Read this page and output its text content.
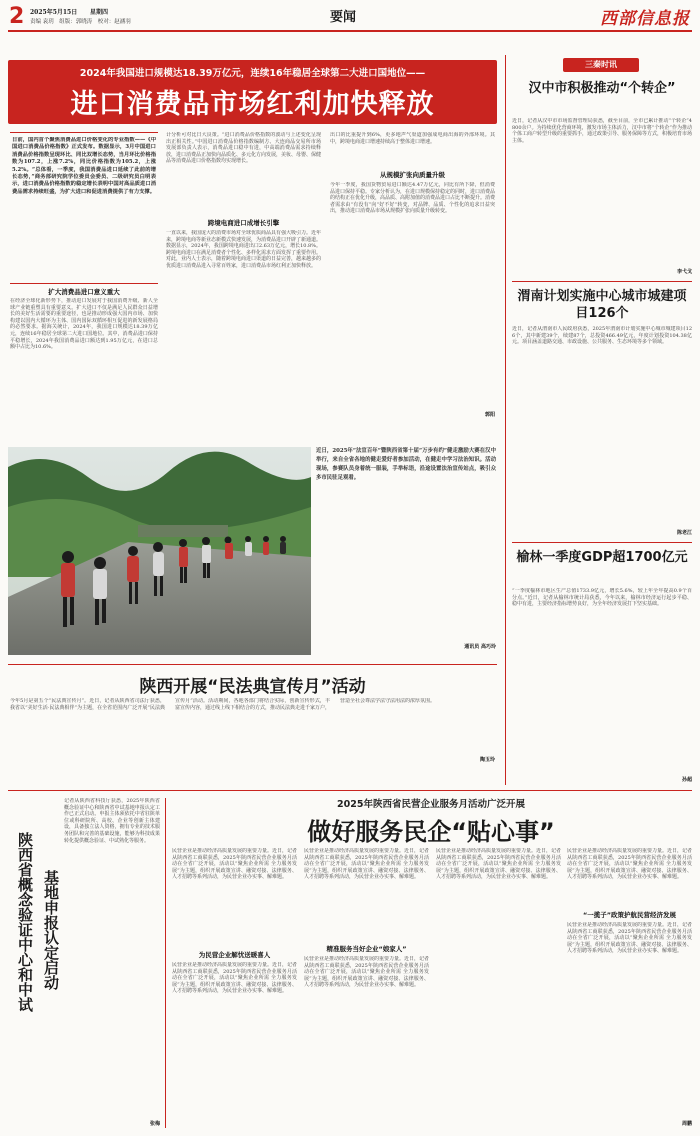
2 2025年5月15日 星期四
责编 袁玥　组版：郭晓涛　校对：赵涵羽	要闻	西部信息报
2024年我国进口规模达18.39万亿元，连续16年稳居全球第二大进口国地位——
进口消费品市场红利加快释放
日前，国内首个聚焦消费品进口价格变化的专业指数——《中国进口消费品价格指数》正式发布。数据显示，3月中国进口消费品价格指数呈现环比、同比双增长态势，当月环比价格指数为107.2，上涨7.2%，同比价格指数为105.2，上涨5.2%。“总体看，一季度，我国消费品进口延续了此前的增长态势，”商务部研究院学位委员会委员、二级研究员白明表示，进口消费品价格指数的稳定增长表明中国对高品质进口消费品需求持续旺盛，为扩大进口和促进消费提供了有力支撑。
扩大消费品进口意义重大
在经济全球化新形势下，推动进口发展对于我国消费升级、新人全球产业链重塑具有重要意义。扩大进口不仅是满足人民群众日益增长的美好生活需要的重要途径，也是推动形成强大国内市场、加快构建以国内大循环为主体、国内国际双循环相互促进的新发展格局的必然要求。据海关统计，2024年，我国进口规模达18.39万亿元，连续16年稳居全球第二大进口国地位。其中，消费品进口保持平稳增长，2024年我国消费品进口额达到1.95万亿元，在进口总额中占比为10.6%。
计分析可对比日大良策。“进口消费品价格指数的波动与上述变化呈现出正相关性。”中国进口消费品价格指数编制方、大连商品交易所市场发展部负责人表示，消费品进口稳中有进，中高端消费品需求持续释放，进口消费品正加快向品质化、多元化方向发展，美妆、母婴、保健品等消费品进口价格指数均实现增长。
跨境电商进口成增长引擎
一直以来，我国庞大的消费市场对全球优质商品具有强大吸引力。近年来，跨境电商等新业态新模式快速发展，为消费品进口开辟了新通道。数据显示，2024年，我国跨境电商进出口2.63万亿元，增长10.8%。跨境电商进口在满足消费者个性化、多样化需求方面发挥了重要作用。对此，业内人士表示，随着跨境电商进口渠道的日益完善，越来越多的优质进口消费品进入寻常百姓家，进口消费品市场红利正加快释放。
出口的比重提升到6%，更多地声气渠道加强成电商出海的外部环境。其中，跨境电商进口增速持续高于整体进口增速。
从规模扩张向质量升级
今年一季度，我国货物贸易进口额达4.47万亿元，同比有所下降，但消费品进口保持平稳。专家分析认为，在进口规模保持稳定的同时，进口消费品的结构正在优化升级，高品质、高附加值的消费品进口占比不断提升。消费者需求由“有没有”向“好不好”转变，对品牌、品质、个性化的追求日益突出，推动进口消费品市场从规模扩张向质量升级转变。
郭阳
近日，2025年“法宣百年”暨陕西省第十届“万步有约”健走激励大赛在汉中举行，来自全省各地的健走爱好者参加活动，在健走中学习法治知识。活动现场，参赛队员身着统一服装，手举标语，沿途设置法治宣传站点，吸引众多市民驻足观看。
通讯员 高巧玲
陕西开展“民法典宣传月”活动
今年5月是第五个“民法典宣传月”。近日，记者从陕西省司法厅获悉，我省以“美好生活·民法典相伴”为主题，在全省范围内广泛开展“民法典宣传月”活动。活动期间，各地各部门将结合实际，创新宣传形式，丰富宣传内容，通过线上线下相结合的方式，推动民法典走进千家万户，营造全社会尊法学法守法用法的浓厚氛围。
陶玉玲
三秦时讯
汉中市积极推动“个转企”
近日，记者从汉中市市场监督管理局获悉，截至目前，全市已累计推动“个转企”4800余户。为持续优化营商环境，激发市场主体活力，汉中市将“个转企”作为推动个体工商户转型升级的重要抓手，通过政策引导、服务保障等方式，积极培育市场主体。
李弋戈
渭南计划实施中心城市城建项目126个
近日，记者从渭南市人民政府获悉，2025年渭南市计划实施中心城市城建项目126个，其中新建39个，续建87个，总投资466.49亿元，年度计划投资104.38亿元。项目涵盖道路交通、市政设施、公共服务、生态环境等多个领域。
陈老江
榆林一季度GDP超1700亿元
“一季度榆林市地区生产总值1733.9亿元，增长5.6%，较上年全年提高0.9个百分点。”近日，记者从榆林市统计局获悉，今年以来，榆林市经济运行起步平稳、稳中有进，主要经济指标增势良好，为全年经济发展打下坚实基础。
孙超
陕西省概念验证中心和中试 基地申报认定启动
记者从陕西省科技厅获悉，2025年陕西省概念验证中心和陕西省中试基地申报认定工作已正式启动。申报主体须依托中省驻陕单位或科研院所、高校、企业等创新主体建设，具备独立法人资格，拥有专业的技术服务团队和完善的基础设施，能够为科技成果转化提供概念验证、中试熟化等服务。
张梅
2025年陕西省民营企业服务月活动广泛开展
做好服务民企“贴心事”
民营企业是推动经济高质量发展的重要力量。近日，记者从陕西省工商联获悉，2025年陕西省民营企业服务月活动在全省广泛开展，活动以“聚焦企业所需 全力服务发展”为主题，组织开展政策宣讲、融资对接、法律服务、人才招聘等系列活动，为民营企业办实事、解难题。
为民营企业解忧送暖喜人
民营企业是推动经济高质量发展的重要力量。近日，记者从陕西省工商联获悉，2025年陕西省民营企业服务月活动在全省广泛开展，活动以“聚焦企业所需 全力服务发展”为主题，组织开展政策宣讲、融资对接、法律服务、人才招聘等系列活动，为民营企业办实事、解难题。
民营企业是推动经济高质量发展的重要力量。近日，记者从陕西省工商联获悉，2025年陕西省民营企业服务月活动在全省广泛开展，活动以“聚焦企业所需 全力服务发展”为主题，组织开展政策宣讲、融资对接、法律服务、人才招聘等系列活动，为民营企业办实事、解难题。
精准服务当好企业“娘家人”
民营企业是推动经济高质量发展的重要力量。近日，记者从陕西省工商联获悉，2025年陕西省民营企业服务月活动在全省广泛开展，活动以“聚焦企业所需 全力服务发展”为主题，组织开展政策宣讲、融资对接、法律服务、人才招聘等系列活动，为民营企业办实事、解难题。
民营企业是推动经济高质量发展的重要力量。近日，记者从陕西省工商联获悉，2025年陕西省民营企业服务月活动在全省广泛开展，活动以“聚焦企业所需 全力服务发展”为主题，组织开展政策宣讲、融资对接、法律服务、人才招聘等系列活动，为民营企业办实事、解难题。
民营企业是推动经济高质量发展的重要力量。近日，记者从陕西省工商联获悉，2025年陕西省民营企业服务月活动在全省广泛开展，活动以“聚焦企业所需 全力服务发展”为主题，组织开展政策宣讲、融资对接、法律服务、人才招聘等系列活动，为民营企业办实事、解难题。
“一揽子”政策护航民营经济发展
民营企业是推动经济高质量发展的重要力量。近日，记者从陕西省工商联获悉，2025年陕西省民营企业服务月活动在全省广泛开展，活动以“聚焦企业所需 全力服务发展”为主题，组织开展政策宣讲、融资对接、法律服务、人才招聘等系列活动，为民营企业办实事、解难题。
周鹏
